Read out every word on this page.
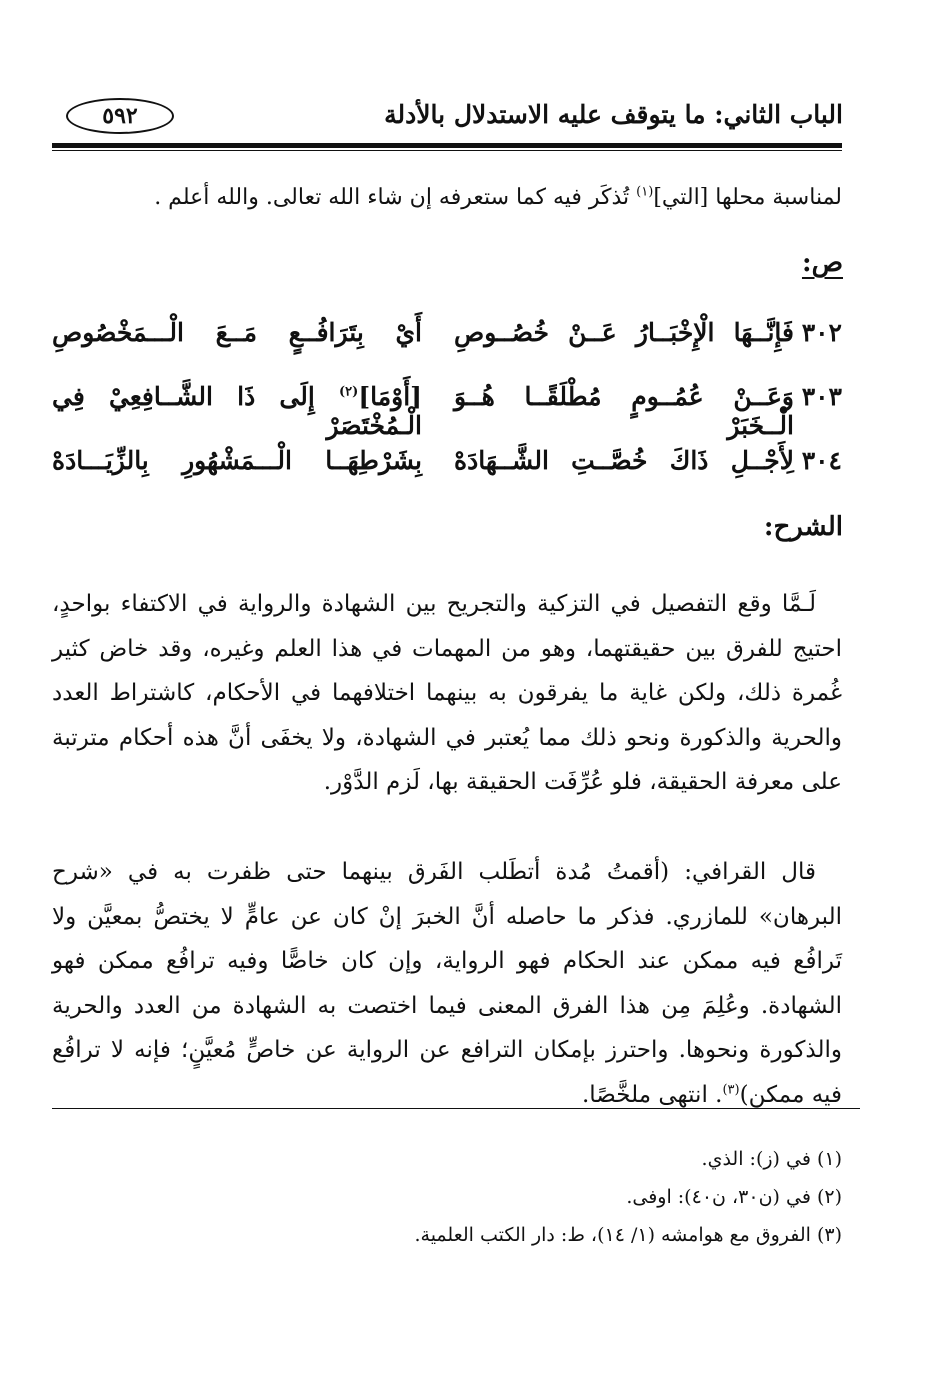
الباب الثاني: ما يتوقف عليه الاستدلال بالأدلة
٥٩٢
لمناسبة محلها [التي]$^{(١)}$ تُذكَر فيه كما ستعرفه إن شاء الله تعالى. والله أعلم .
ص:
٣٠٢
فَإِنَّــهَا الْإِخْبَــارُ عَــنْ خُصُــوصِ
أَيْ بِتَرَافُــعٍ مَــعَ الْـــمَخْصُوصِ
٣٠٣
وَعَــنْ عُمُــومٍ مُطْلَقًــا هُــوَ الْــخَبَرْ
[أَوْمَا]$^{(٢)}$ إِلَى ذَا الشَّــافِعِيْ فِي الْـمُخْتَصَرْ
٣٠٤
لِأَجْــلِ ذَاكَ خُصَّــتِ الشَّــهَادَهْ
بِشَرْطِهَــا الْـــمَشْهُورِ بِالزِّيَـــادَهْ
الشرح:
لَـمَّا وقع التفصيل في التزكية والتجريح بين الشهادة والرواية في الاكتفاء بواحدٍ، احتيج للفرق بين حقيقتهما، وهو من المهمات في هذا العلم وغيره، وقد خاض كثير غُمرة ذلك، ولكن غاية ما يفرقون به بينهما اختلافهما في الأحكام، كاشتراط العدد والحرية والذكورة ونحو ذلك مما يُعتبر في الشهادة، ولا يخفَى أنَّ هذه أحكام مترتبة على معرفة الحقيقة، فلو عُرِّفَت الحقيقة بها، لَزم الدَّوْر.
قال القرافي: (أقمتُ مُدة أتطَلب الفَرق بينهما حتى ظفرت به في «شرح البرهان» للمازري. فذكر ما حاصله أنَّ الخبرَ إنْ كان عن عامٍّ لا يختصُّ بمعيَّن ولا تَرافُع فيه ممكن عند الحكام فهو الرواية، وإن كان خاصًّا وفيه ترافُع ممكن فهو الشهادة. وعُلِمَ مِن هذا الفرق المعنى فيما اختصت به الشهادة من العدد والحرية والذكورة ونحوها. واحترز بإمكان الترافع عن الرواية عن خاصٍّ مُعيَّنٍ؛ فإنه لا ترافُع فيه ممكن)$^{(٣)}$. انتهى ملخَّصًا.
(١) في (ز): الذي.
(٢) في (ن٣٠، ن٤٠): اوفى.
(٣) الفروق مع هوامشه (١/ ١٤)، ط: دار الكتب العلمية.
